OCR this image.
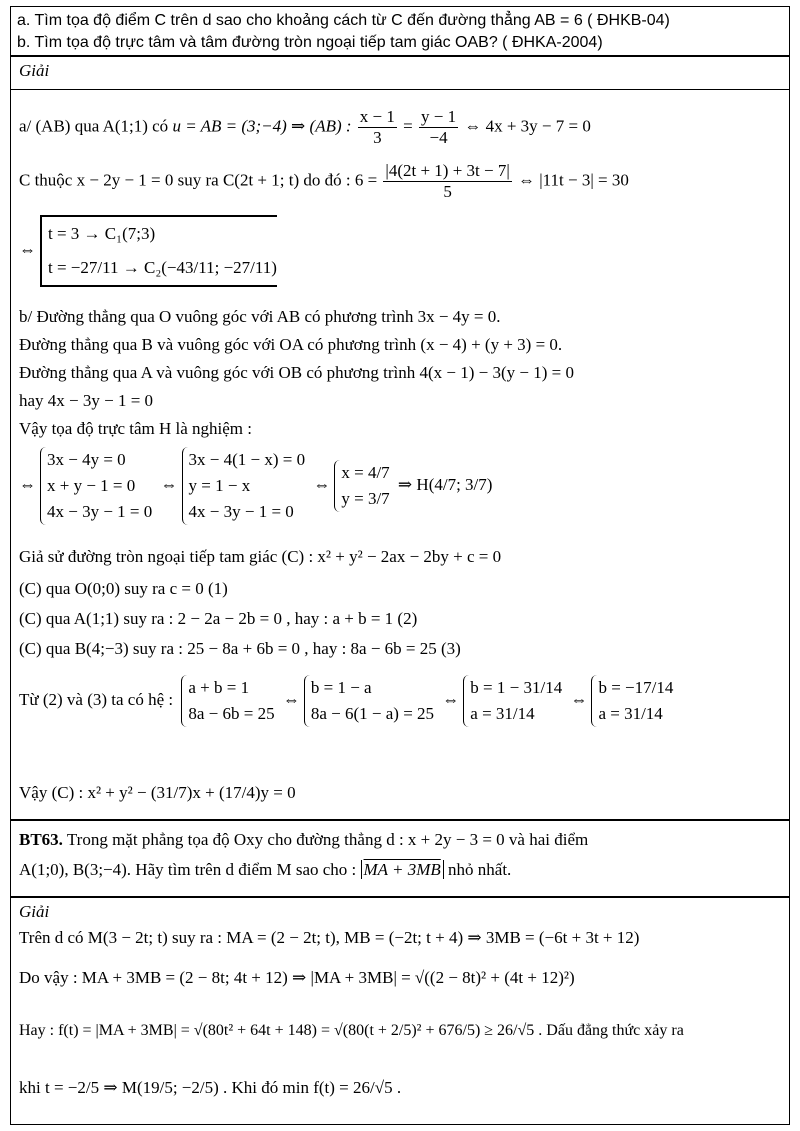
a. Tìm tọa độ điểm C trên d sao cho khoảng cách từ C đến đường thẳng AB = 6 ( ĐHKB-04)
b. Tìm tọa độ trực tâm và tâm đường tròn ngoại tiếp tam giác OAB? ( ĐHKA-2004)
Giải
a/ (AB) qua A(1;1) có u = AB = (3;−4) ⇒ (AB) : $\frac{x - 1}{3} = \frac{y - 1}{-4}$ ⇔ 4x + 3y − 7 = 0
C thuộc x − 2y − 1 = 0 suy ra C(2t + 1; t) do đó : $6 = \frac{|4(2t + 1) + 3t - 7|}{5}$ ⇔ |11t − 3| = 30
⇔
t = 3 → C₁(7;3)
t = −27/11 → C₂(−43/11; −27/11)
b/ Đường thẳng qua O vuông góc với AB có phương trình 3x − 4y = 0.
Đường thẳng qua B và vuông góc với OA có phương trình (x − 4) + (y + 3) = 0.
Đường thẳng qua A và vuông góc với OB có phương trình 4(x − 1) − 3(y − 1) = 0
hay 4x − 3y − 1 = 0
Vậy tọa độ trực tâm H là nghiệm :
⇔
3x − 4y = 0
x + y − 1 = 0
4x − 3y − 1 = 0
⇔
3x − 4(1 − x) = 0
y = 1 − x
4x − 3y − 1 = 0
⇔
x = 4/7
y = 3/7
⇒ H(4/7; 3/7)
Giả sử đường tròn ngoại tiếp tam giác (C) : x² + y² − 2ax − 2by + c = 0
(C) qua O(0;0) suy ra c = 0 (1)
(C) qua A(1;1) suy ra : 2 − 2a − 2b = 0 , hay : a + b = 1 (2)
(C) qua B(4;−3) suy ra : 25 − 8a + 6b = 0 , hay : 8a − 6b = 25 (3)
Từ (2) và (3) ta có hệ :
a + b = 1
8a − 6b = 25
⇔
b = 1 − a
8a − 6(1 − a) = 25
⇔
b = 1 − 31/14
a = 31/14
⇔
b = −17/14
a = 31/14
Vậy (C) : x² + y² − (31/7)x + (17/4)y = 0
BT63. Trong mặt phẳng tọa độ Oxy cho đường thẳng d : x + 2y − 3 = 0 và hai điểm
A(1;0), B(3;−4). Hãy tìm trên d điểm M sao cho : MA + 3MB nhỏ nhất.
Giải
Trên d có M(3 − 2t; t) suy ra : MA = (2 − 2t; t), MB = (−2t; t + 4) ⇒ 3MB = (−6t + 3t + 12)
Do vậy : MA + 3MB = (2 − 8t; 4t + 12) ⇒ |MA + 3MB| = √((2 − 8t)² + (4t + 12)²)
Hay : f(t) = |MA + 3MB| = √(80t² + 64t + 148) = √(80(t + 2/5)² + 676/5) ≥ 26/√5 . Dấu đẳng thức xảy ra
khi t = −2/5 ⇒ M(19/5; −2/5) . Khi đó min f(t) = 26/√5 .
